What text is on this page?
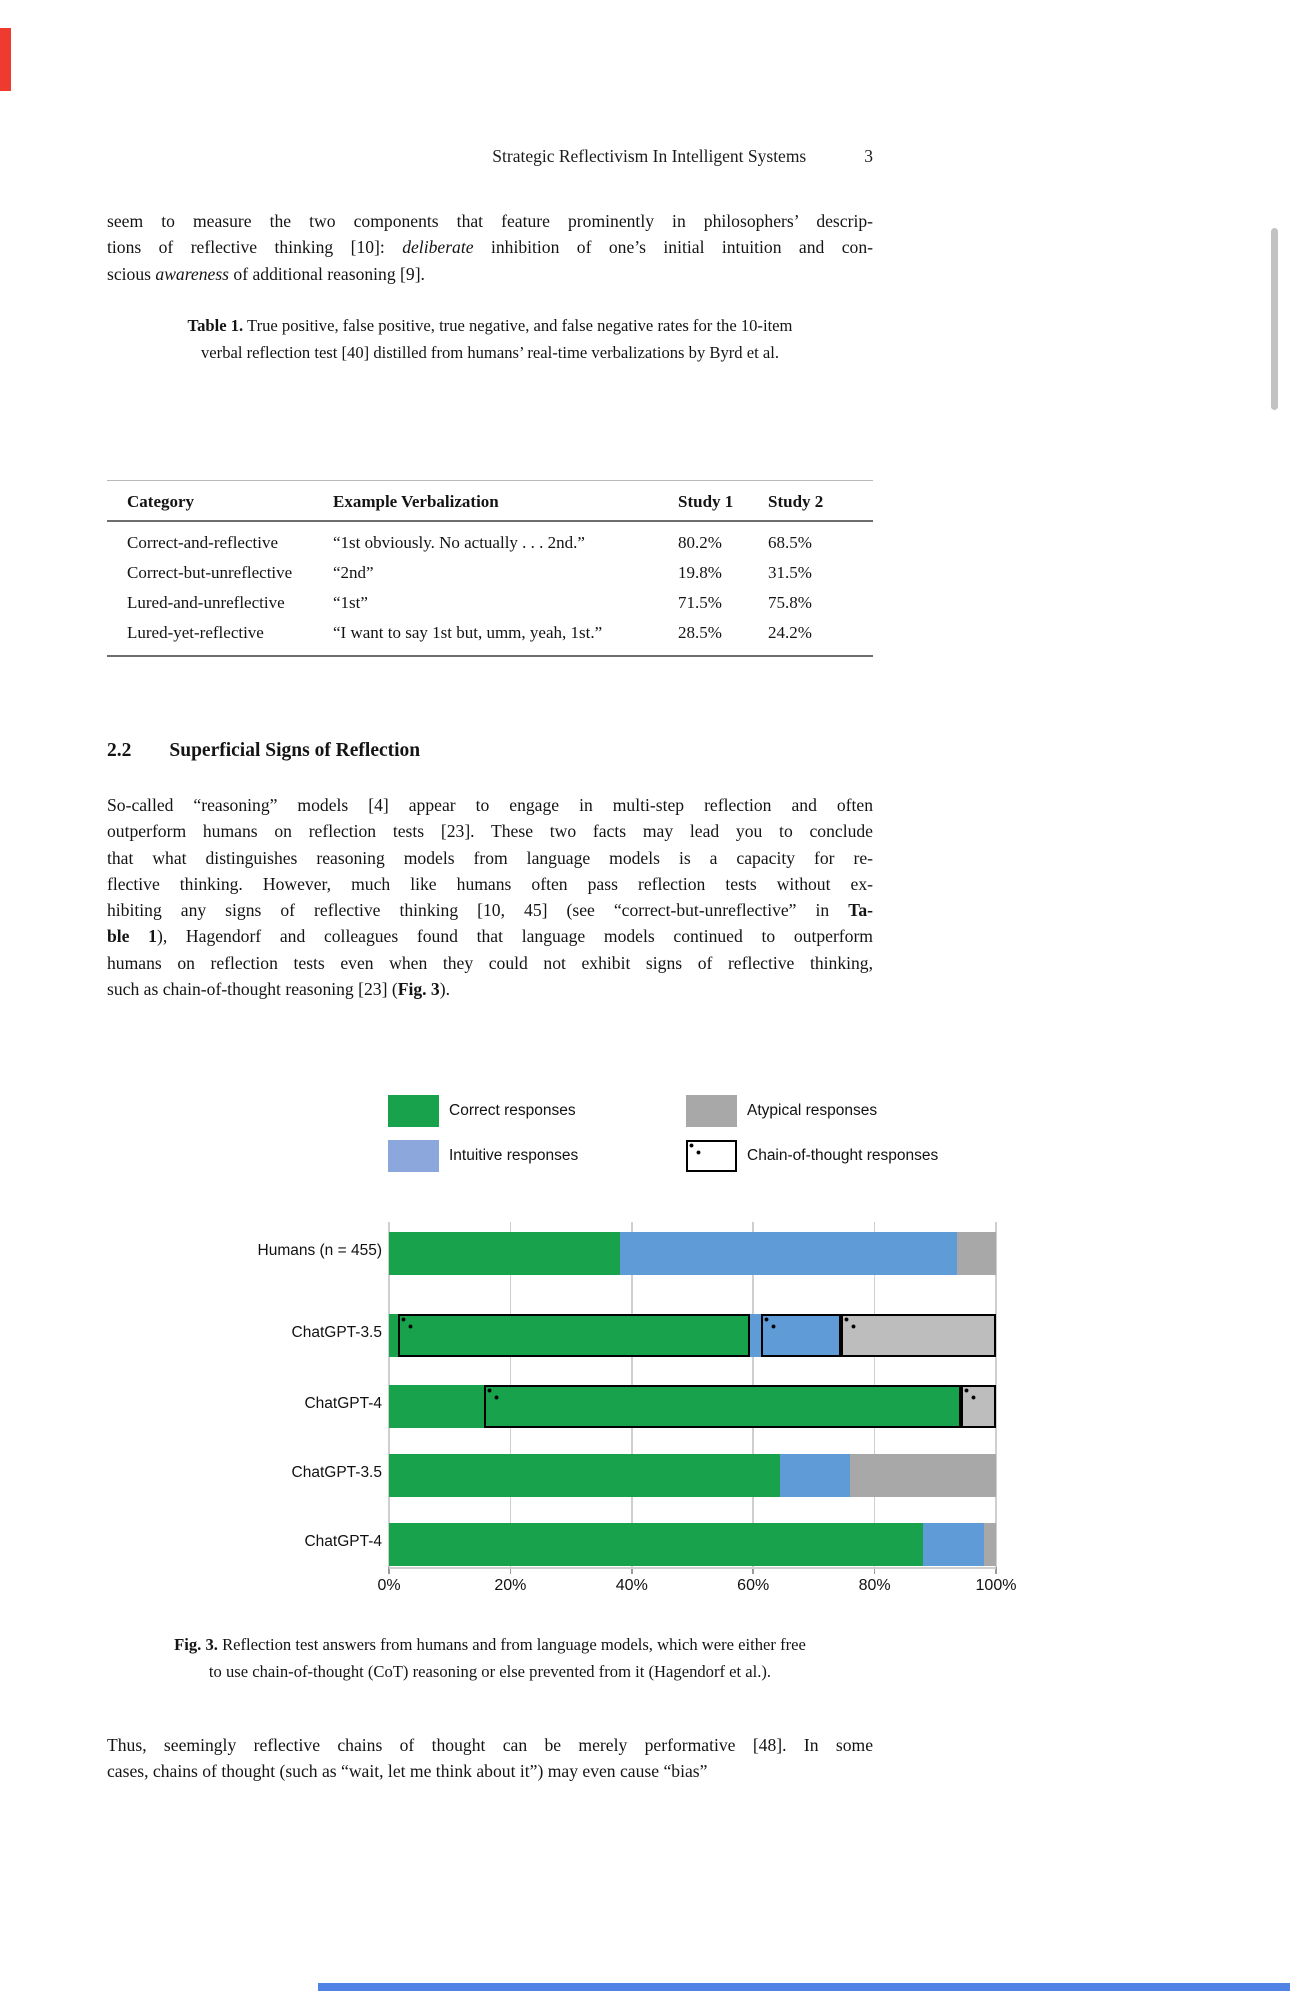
Strategic Reflectivism In Intelligent Systems	3
seem to measure the two components that feature prominently in philosophers’ descrip-
tions of reflective thinking [10]: deliberate inhibition of one’s initial intuition and con-
scious awareness of additional reasoning [9].
Table 1. True positive, false positive, true negative, and false negative rates for the 10-item
verbal reflection test [40] distilled from humans’ real-time verbalizations by Byrd et al.
Category	Example Verbalization	Study 1	Study 2
Correct-and-reflective	“1st obviously. No actually . . . 2nd.”	80.2%	68.5%
Correct-but-unreflective	“2nd”	19.8%	31.5%
Lured-and-unreflective	“1st”	71.5%	75.8%
Lured-yet-reflective	“I want to say 1st but, umm, yeah, 1st.”	28.5%	24.2%
2.2 Superficial Signs of Reflection
So-called “reasoning” models [4] appear to engage in multi-step reflection and often
outperform humans on reflection tests [23]. These two facts may lead you to conclude
that what distinguishes reasoning models from language models is a capacity for re-
flective thinking. However, much like humans often pass reflection tests without ex-
hibiting any signs of reflective thinking [10, 45] (see “correct-but-unreflective” in Ta-
ble 1), Hagendorf and colleagues found that language models continued to outperform
humans on reflection tests even when they could not exhibit signs of reflective thinking,
such as chain-of-thought reasoning [23] (Fig. 3).
0%	20%	40%	60%	80%	100%
Humans (n = 455)
ChatGPT-3.5
ChatGPT-4
ChatGPT-3.5
ChatGPT-4
Correct responses	Atypical responses
Intuitive responses	Chain-of-thought responses
Fig. 3. Reflection test answers from humans and from language models, which were either free
to use chain-of-thought (CoT) reasoning or else prevented from it (Hagendorf et al.).
Thus, seemingly reflective chains of thought can be merely performative [48]. In some
cases, chains of thought (such as “wait, let me think about it”) may even cause “bias”
